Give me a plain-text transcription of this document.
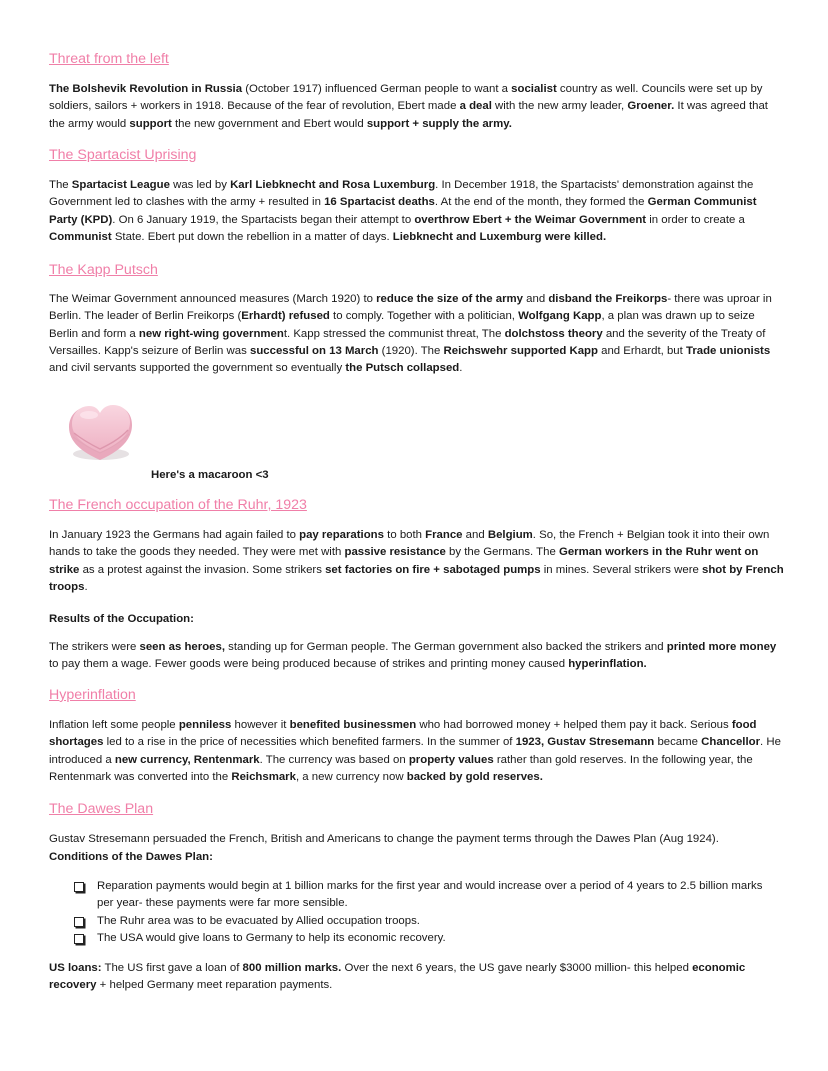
Threat from the left

The Bolshevik Revolution in Russia (October 1917) influenced German people to want a socialist country as well. Councils were set up by soldiers, sailors + workers in 1918. Because of the fear of revolution, Ebert made a deal with the new army leader, Groener. It was agreed that the army would support the new government and Ebert would support + supply the army.

The Spartacist Uprising

The Spartacist League was led by Karl Liebknecht and Rosa Luxemburg. In December 1918, the Spartacists' demonstration against the Government led to clashes with the army + resulted in 16 Spartacist deaths. At the end of the month, they formed the German Communist Party (KPD). On 6 January 1919, the Spartacists began their attempt to overthrow Ebert + the Weimar Government in order to create a Communist State. Ebert put down the rebellion in a matter of days. Liebknecht and Luxemburg were killed.

The Kapp Putsch

The Weimar Government announced measures (March 1920) to reduce the size of the army and disband the Freikorps- there was uproar in Berlin. The leader of Berlin Freikorps (Erhardt) refused to comply. Together with a politician, Wolfgang Kapp, a plan was drawn up to seize Berlin and form a new right-wing government. Kapp stressed the communist threat, The dolchstoss theory and the severity of the Treaty of Versailles. Kapp's seizure of Berlin was successful on 13 March (1920). The Reichswehr supported Kapp and Erhardt, but Trade unionists and civil servants supported the government so eventually the Putsch collapsed.

Here's a macaroon <3
The French occupation of the Ruhr, 1923

In January 1923 the Germans had again failed to pay reparations to both France and Belgium. So, the French + Belgian took it into their own hands to take the goods they needed. They were met with passive resistance by the Germans. The German workers in the Ruhr went on strike as a protest against the invasion. Some strikers set factories on fire + sabotaged pumps in mines. Several strikers were shot by French troops.

Results of the Occupation:

The strikers were seen as heroes, standing up for German people. The German government also backed the strikers and printed more money to pay them a wage. Fewer goods were being produced because of strikes and printing money caused hyperinflation.

Hyperinflation

Inflation left some people penniless however it benefited businessmen who had borrowed money + helped them pay it back. Serious food shortages led to a rise in the price of necessities which benefited farmers. In the summer of 1923, Gustav Stresemann became Chancellor. He introduced a new currency, Rentenmark. The currency was based on property values rather than gold reserves. In the following year, the Rentenmark was converted into the Reichsmark, a new currency now backed by gold reserves.

The Dawes Plan

Gustav Stresemann persuaded the French, British and Americans to change the payment terms through the Dawes Plan (Aug 1924).

Conditions of the Dawes Plan:
Reparation payments would begin at 1 billion marks for the first year and would increase over a period of 4 years to 2.5 billion marks per year- these payments were far more sensible.
The Ruhr area was to be evacuated by Allied occupation troops.
The USA would give loans to Germany to help its economic recovery.

US loans: The US first gave a loan of 800 million marks. Over the next 6 years, the US gave nearly $3000 million- this helped economic recovery + helped Germany meet reparation payments.
